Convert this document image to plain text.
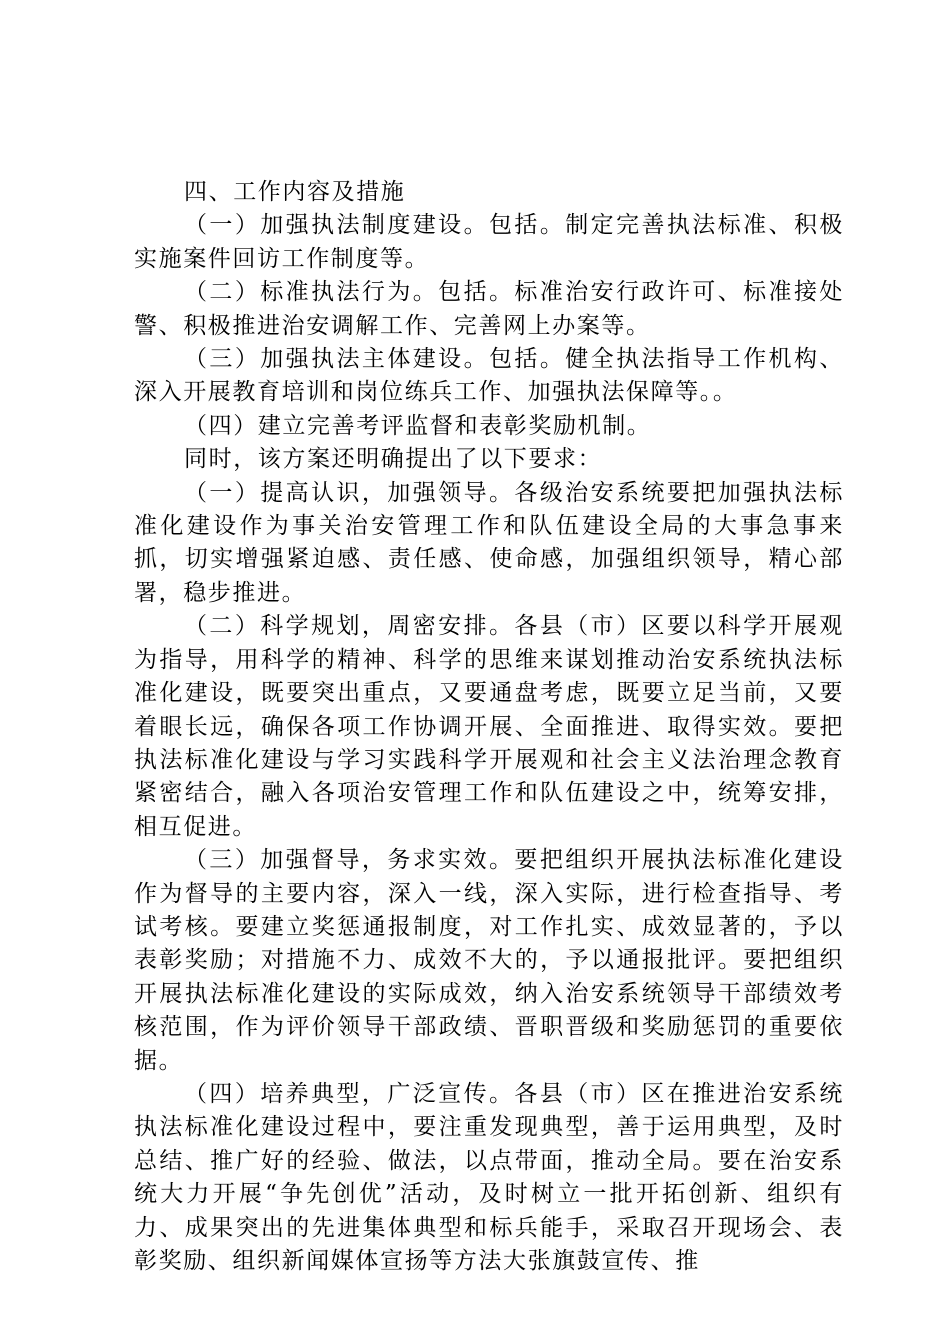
四、工作内容及措施

（一）加强执法制度建设。包括。制定完善执法标准、积极实施案件回访工作制度等。

（二）标准执法行为。包括。标准治安行政许可、标准接处警、积极推进治安调解工作、完善网上办案等。

（三）加强执法主体建设。包括。健全执法指导工作机构、深入开展教育培训和岗位练兵工作、加强执法保障等。。

（四）建立完善考评监督和表彰奖励机制。

同时，该方案还明确提出了以下要求：

（一）提高认识，加强领导。各级治安系统要把加强执法标准化建设作为事关治安管理工作和队伍建设全局的大事急事来抓，切实增强紧迫感、责任感、使命感，加强组织领导，精心部署，稳步推进。

（二）科学规划，周密安排。各县（市）区要以科学开展观为指导，用科学的精神、科学的思维来谋划推动治安系统执法标准化建设，既要突出重点，又要通盘考虑，既要立足当前，又要着眼长远，确保各项工作协调开展、全面推进、取得实效。要把执法标准化建设与学习实践科学开展观和社会主义法治理念教育紧密结合，融入各项治安管理工作和队伍建设之中，统筹安排，相互促进。

（三）加强督导，务求实效。要把组织开展执法标准化建设作为督导的主要内容，深入一线，深入实际，进行检查指导、考试考核。要建立奖惩通报制度，对工作扎实、成效显著的，予以表彰奖励；对措施不力、成效不大的，予以通报批评。要把组织开展执法标准化建设的实际成效，纳入治安系统领导干部绩效考核范围，作为评价领导干部政绩、晋职晋级和奖励惩罚的重要依据。

（四）培养典型，广泛宣传。各县（市）区在推进治安系统执法标准化建设过程中，要注重发现典型，善于运用典型，及时总结、推广好的经验、做法，以点带面，推动全局。要在治安系统大力开展“争先创优”活动，及时树立一批开拓创新、组织有力、成果突出的先进集体典型和标兵能手，采取召开现场会、表彰奖励、组织新闻媒体宣扬等方法大张旗鼓宣传、推
